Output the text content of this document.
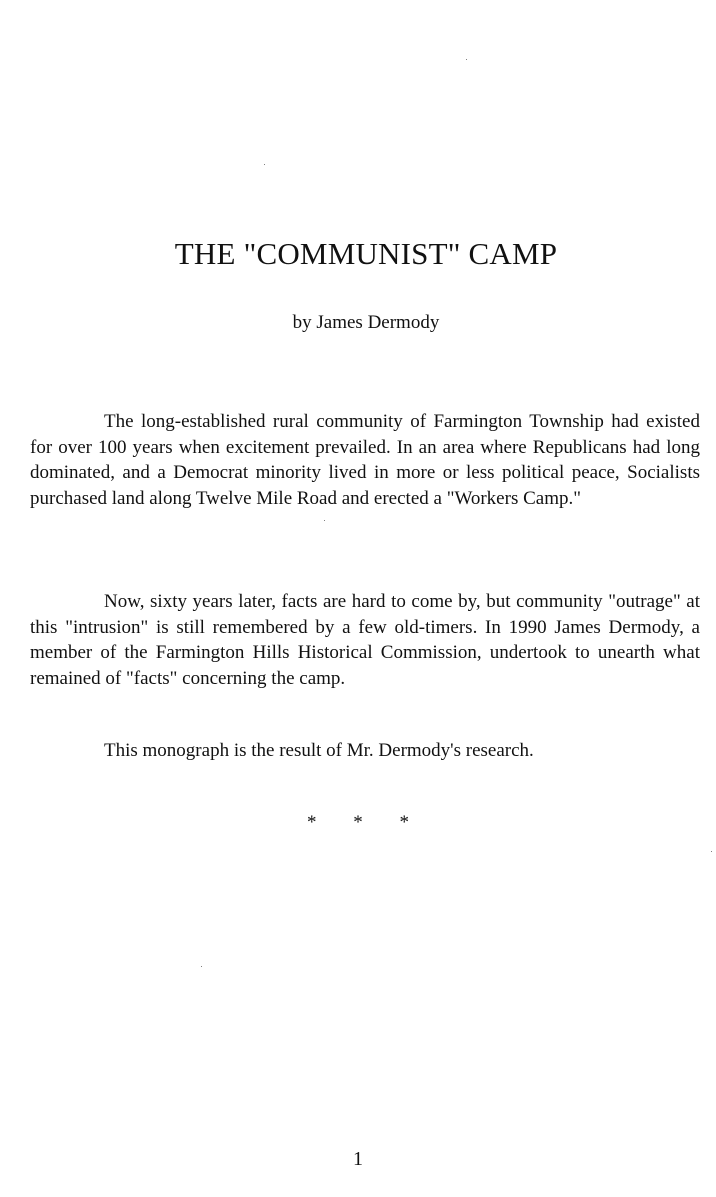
THE "COMMUNIST" CAMP

by James Dermody

The long-established rural community of Farmington Township had existed for over 100 years when excitement prevailed. In an area where Republicans had long dominated, and a Democrat minority lived in more or less political peace, Socialists purchased land along Twelve Mile Road and erected a "Workers Camp."

Now, sixty years later, facts are hard to come by, but community "outrage" at this "intrusion" is still remembered by a few old-timers. In 1990 James Dermody, a member of the Farmington Hills Historical Commission, undertook to unearth what remained of "facts" concerning the camp.

This monograph is the result of Mr. Dermody's research.

* * *

1
